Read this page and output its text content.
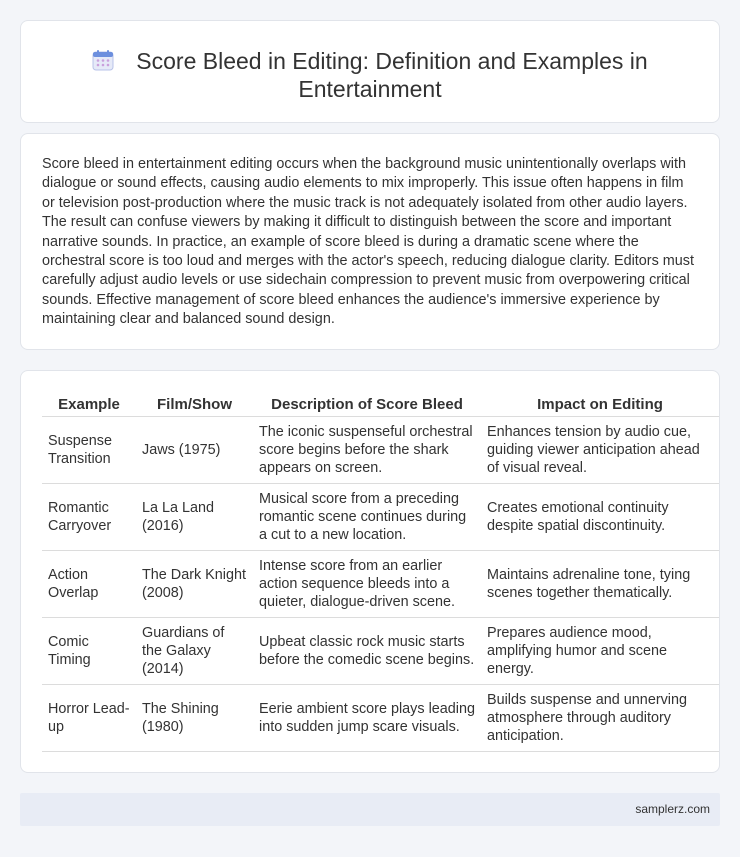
Score Bleed in Editing: Definition and Examples in
Entertainment

Score bleed in entertainment editing occurs when the background music unintentionally overlaps with dialogue or sound effects, causing audio elements to mix improperly. This issue often happens in film or television post-production where the music track is not adequately isolated from other audio layers. The result can confuse viewers by making it difficult to distinguish between the score and important narrative sounds. In practice, an example of score bleed is during a dramatic scene where the orchestral score is too loud and merges with the actor's speech, reducing dialogue clarity. Editors must carefully adjust audio levels or use sidechain compression to prevent music from overpowering critical sounds. Effective management of score bleed enhances the audience's immersive experience by maintaining clear and balanced sound design.

Example	Film/Show	Description of Score Bleed	Impact on Editing
Suspense Transition	Jaws (1975)	The iconic suspenseful orchestral score begins before the shark appears on screen.	Enhances tension by audio cue, guiding viewer anticipation ahead of visual reveal.
Romantic Carryover	La La Land (2016)	Musical score from a preceding romantic scene continues during a cut to a new location.	Creates emotional continuity despite spatial discontinuity.
Action Overlap	The Dark Knight (2008)	Intense score from an earlier action sequence bleeds into a quieter, dialogue-driven scene.	Maintains adrenaline tone, tying scenes together thematically.
Comic Timing	Guardians of the Galaxy (2014)	Upbeat classic rock music starts before the comedic scene begins.	Prepares audience mood, amplifying humor and scene energy.
Horror Lead-up	The Shining (1980)	Eerie ambient score plays leading into sudden jump scare visuals.	Builds suspense and unnerving atmosphere through auditory anticipation.
samplerz.com
